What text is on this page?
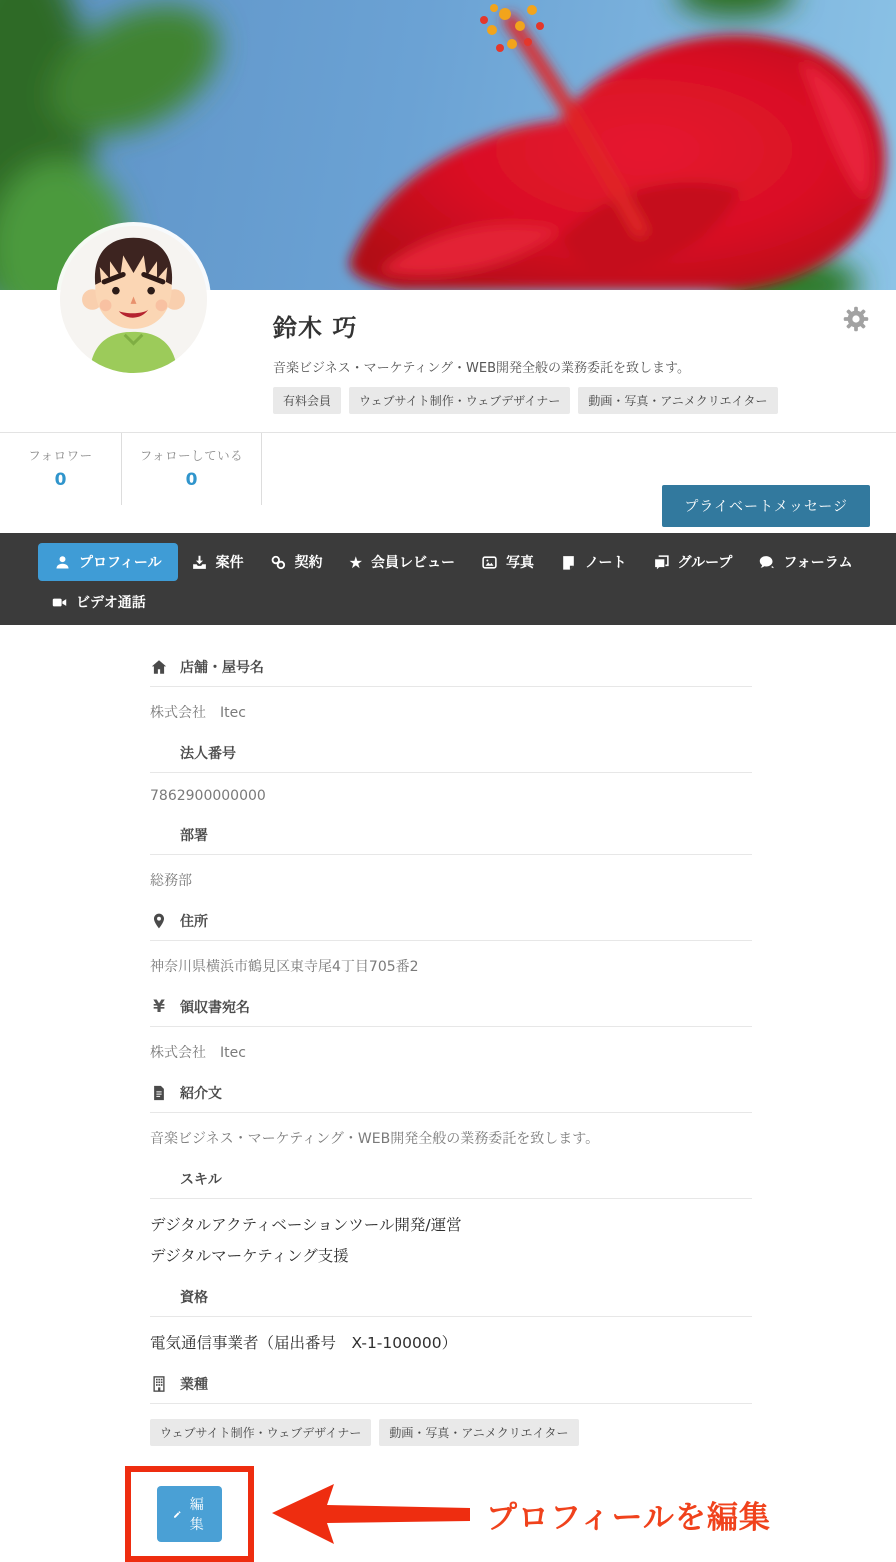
鈴木 巧
音楽ビジネス・マーケティング・WEB開発全般の業務委託を致します。
有料会員	ウェブサイト制作・ウェブデザイナー	動画・写真・アニメクリエイター
フォロワー
0
フォローしている
0
プライベートメッセージ
プロフィール	案件	契約 ★ 会員レビュー	写真	ノート	グループ	フォーラム
ビデオ通話
店舗・屋号名
株式会社　Itec
法人番号
7862900000000
部署
総務部
住所
神奈川県横浜市鶴見区東寺尾4丁目705番2
¥ 領収書宛名
株式会社　Itec
紹介文
音楽ビジネス・マーケティング・WEB開発全般の業務委託を致します。
スキル
デジタルアクティベーションツール開発/運営
デジタルマーケティング支援
資格
電気通信事業者（届出番号　X-1-100000）
業種
ウェブサイト制作・ウェブデザイナー	動画・写真・アニメクリエイター
編集	プロフィールを編集
